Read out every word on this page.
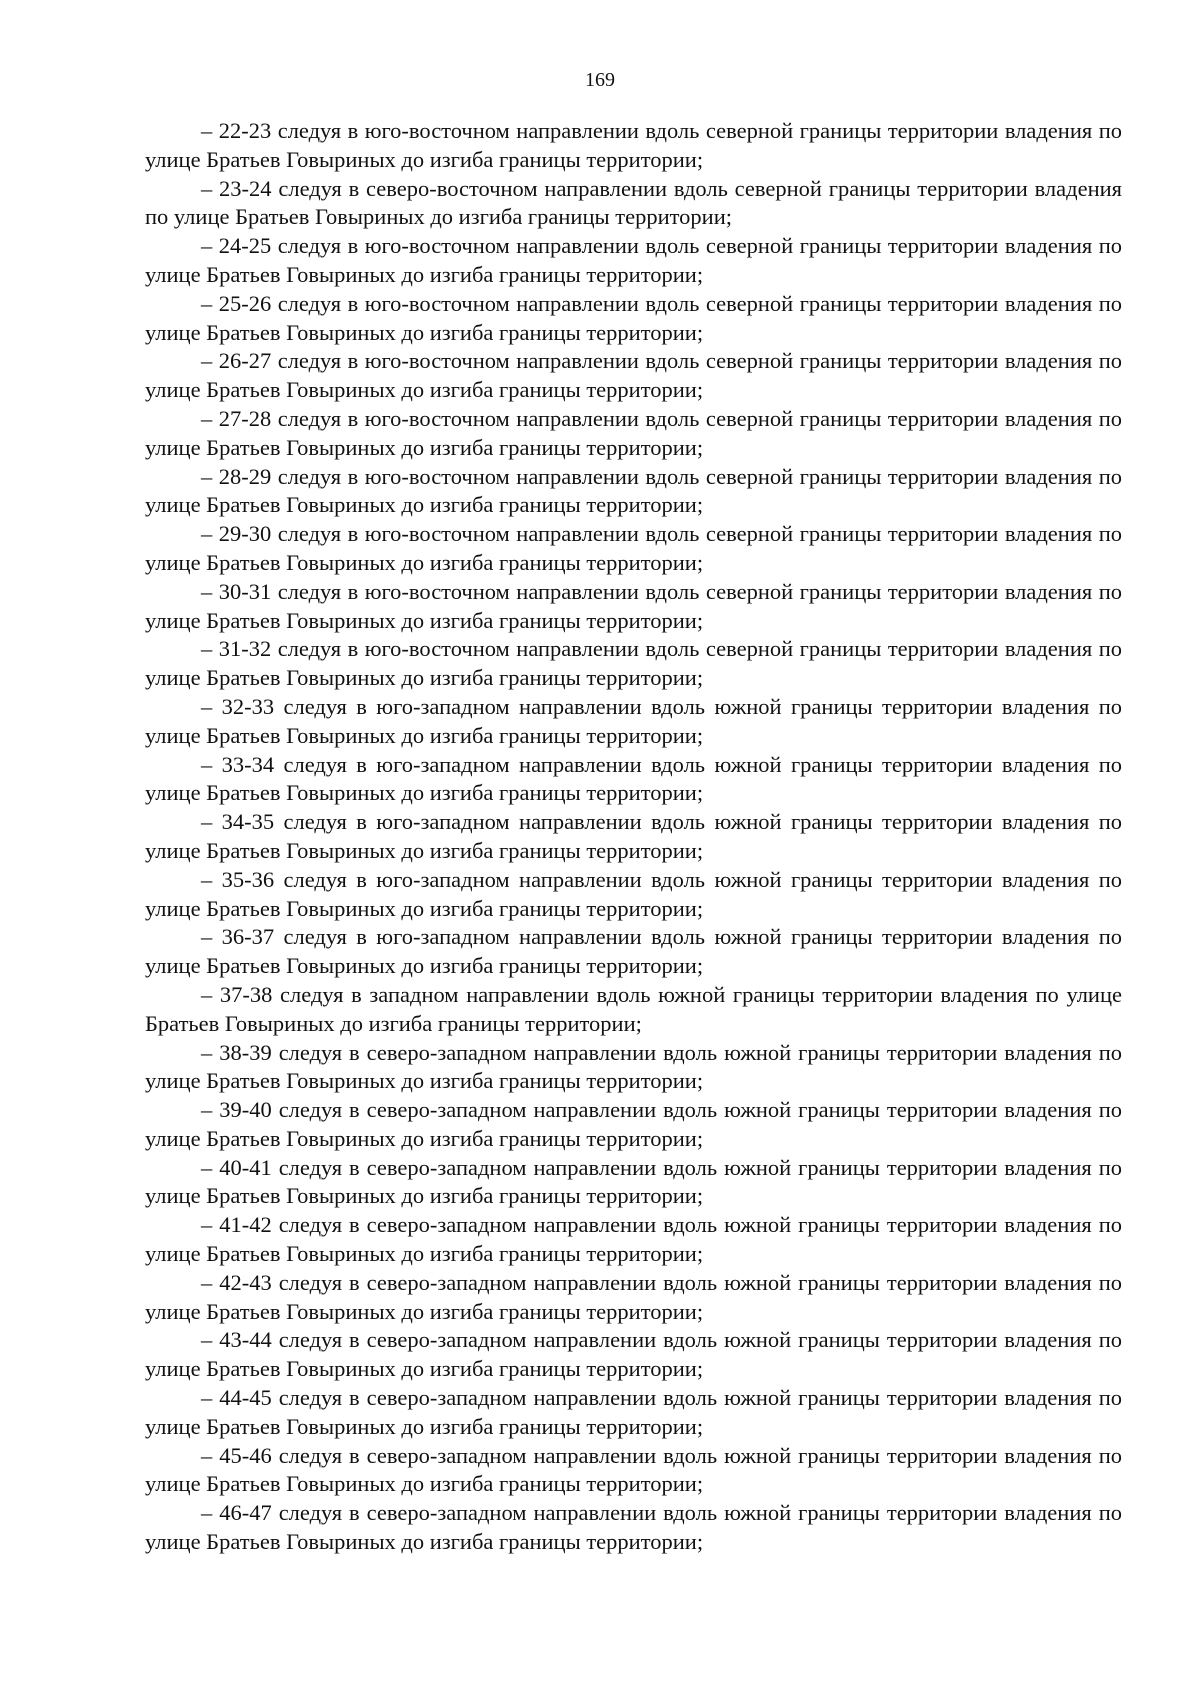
169

– 22-23 следуя в юго-восточном направлении вдоль северной границы территории владения по улице Братьев Говыриных до изгиба границы территории;

– 23-24 следуя в северо-восточном направлении вдоль северной границы территории владения по улице Братьев Говыриных до изгиба границы территории;

– 24-25 следуя в юго-восточном направлении вдоль северной границы территории владения по улице Братьев Говыриных до изгиба границы территории;

– 25-26 следуя в юго-восточном направлении вдоль северной границы территории владения по улице Братьев Говыриных до изгиба границы территории;

– 26-27 следуя в юго-восточном направлении вдоль северной границы территории владения по улице Братьев Говыриных до изгиба границы территории;

– 27-28 следуя в юго-восточном направлении вдоль северной границы территории владения по улице Братьев Говыриных до изгиба границы территории;

– 28-29 следуя в юго-восточном направлении вдоль северной границы территории владения по улице Братьев Говыриных до изгиба границы территории;

– 29-30 следуя в юго-восточном направлении вдоль северной границы территории владения по улице Братьев Говыриных до изгиба границы территории;

– 30-31 следуя в юго-восточном направлении вдоль северной границы территории владения по улице Братьев Говыриных до изгиба границы территории;

– 31-32 следуя в юго-восточном направлении вдоль северной границы территории владения по улице Братьев Говыриных до изгиба границы территории;

– 32-33 следуя в юго-западном направлении вдоль южной границы территории владения по улице Братьев Говыриных до изгиба границы территории;

– 33-34 следуя в юго-западном направлении вдоль южной границы территории владения по улице Братьев Говыриных до изгиба границы территории;

– 34-35 следуя в юго-западном направлении вдоль южной границы территории владения по улице Братьев Говыриных до изгиба границы территории;

– 35-36 следуя в юго-западном направлении вдоль южной границы территории владения по улице Братьев Говыриных до изгиба границы территории;

– 36-37 следуя в юго-западном направлении вдоль южной границы территории владения по улице Братьев Говыриных до изгиба границы территории;

– 37-38 следуя в западном направлении вдоль южной границы территории владения по улице Братьев Говыриных до изгиба границы территории;

– 38-39 следуя в северо-западном направлении вдоль южной границы территории владения по улице Братьев Говыриных до изгиба границы территории;

– 39-40 следуя в северо-западном направлении вдоль южной границы территории владения по улице Братьев Говыриных до изгиба границы территории;

– 40-41 следуя в северо-западном направлении вдоль южной границы территории владения по улице Братьев Говыриных до изгиба границы территории;

– 41-42 следуя в северо-западном направлении вдоль южной границы территории владения по улице Братьев Говыриных до изгиба границы территории;

– 42-43 следуя в северо-западном направлении вдоль южной границы территории владения по улице Братьев Говыриных до изгиба границы территории;

– 43-44 следуя в северо-западном направлении вдоль южной границы территории владения по улице Братьев Говыриных до изгиба границы территории;

– 44-45 следуя в северо-западном направлении вдоль южной границы территории владения по улице Братьев Говыриных до изгиба границы территории;

– 45-46 следуя в северо-западном направлении вдоль южной границы территории владения по улице Братьев Говыриных до изгиба границы территории;

– 46-47 следуя в северо-западном направлении вдоль южной границы территории владения по улице Братьев Говыриных до изгиба границы территории;
